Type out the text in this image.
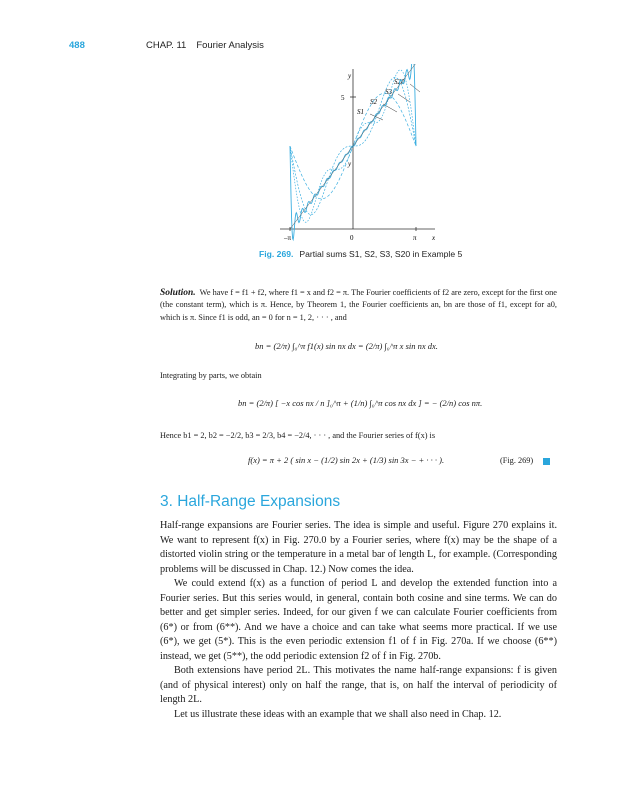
488	CHAP. 11 Fourier Analysis
y
5
y
x
–π	0	π
S20
S3
S2
S1
Fig. 269. Partial sums S1, S2, S3, S20 in Example 5
Solution. We have f = f1 + f2, where f1 = x and f2 = π. The Fourier coefficients of f2 are zero, except for the first one (the constant term), which is π. Hence, by Theorem 1, the Fourier coefficients an, bn are those of f1, except for a0, which is π. Since f1 is odd, an = 0 for n = 1, 2, · · · , and
bn = (2/π) ∫₀^π f1(x) sin nx dx = (2/π) ∫₀^π x sin nx dx.
Integrating by parts, we obtain
bn = (2/π) [ −x cos nx / n ]₀^π + (1/n) ∫₀^π cos nx dx ] = − (2/n) cos nπ.
Hence b1 = 2, b2 = −2/2, b3 = 2/3, b4 = −2/4, · · · , and the Fourier series of f(x) is
f(x) = π + 2 ( sin x − (1/2) sin 2x + (1/3) sin 3x − + · · · ).	(Fig. 269)
3. Half-Range Expansions

Half-range expansions are Fourier series. The idea is simple and useful. Figure 270 explains it. We want to represent f(x) in Fig. 270.0 by a Fourier series, where f(x) may be the shape of a distorted violin string or the temperature in a metal bar of length L, for example. (Corresponding problems will be discussed in Chap. 12.) Now comes the idea.

We could extend f(x) as a function of period L and develop the extended function into a Fourier series. But this series would, in general, contain both cosine and sine terms. We can do better and get simpler series. Indeed, for our given f we can calculate Fourier coefficients from (6*) or from (6**). And we have a choice and can take what seems more practical. If we use (6*), we get (5*). This is the even periodic extension f1 of f in Fig. 270a. If we choose (6**) instead, we get (5**), the odd periodic extension f2 of f in Fig. 270b.

Both extensions have period 2L. This motivates the name half-range expansions: f is given (and of physical interest) only on half the range, that is, on half the interval of periodicity of length 2L.

Let us illustrate these ideas with an example that we shall also need in Chap. 12.
